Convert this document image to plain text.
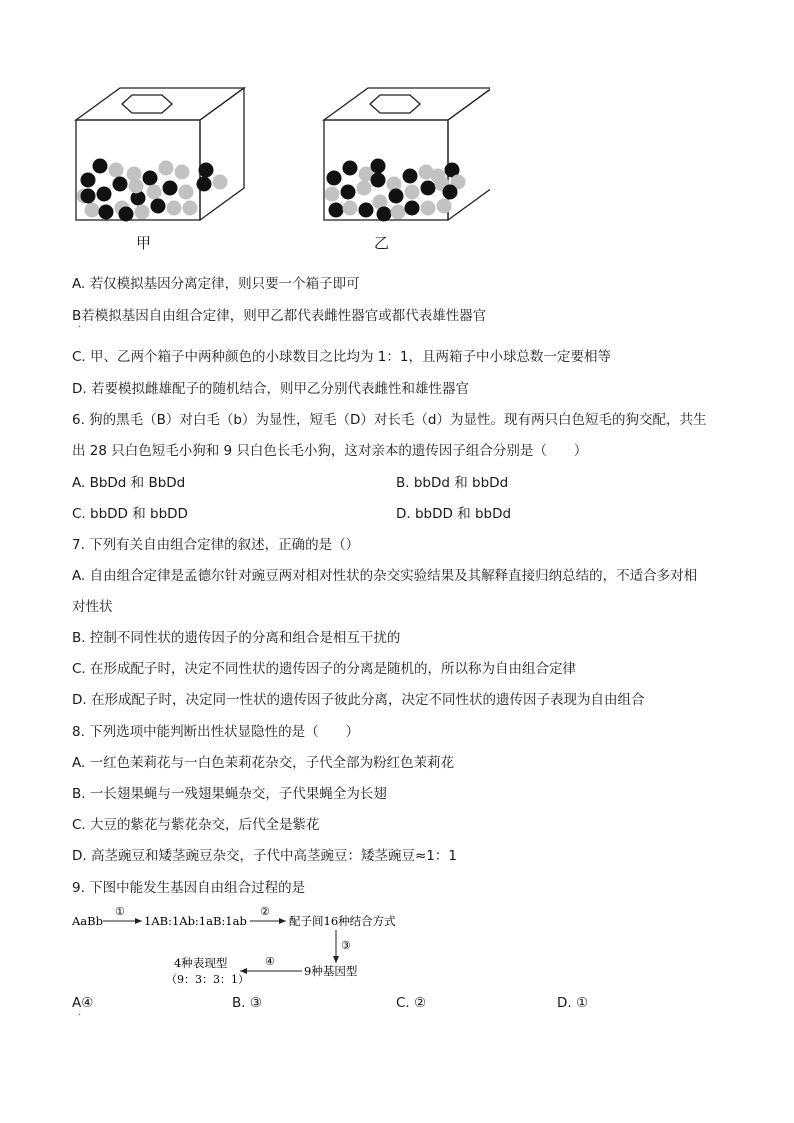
甲	乙
A. 若仅模拟基因分离定律，则只要一个箱子即可
B若模拟基因自由组合定律，则甲乙都代表雌性器官或都代表雄性器官
·
C. 甲、乙两个箱子中两种颜色的小球数目之比均为 1：1，且两箱子中小球总数一定要相等
D. 若要模拟雌雄配子的随机结合，则甲乙分别代表雌性和雄性器官
6. 狗的黑毛（B）对白毛（b）为显性，短毛（D）对长毛（d）为显性。现有两只白色短毛的狗交配，共生
出 28 只白色短毛小狗和 9 只白色长毛小狗，这对亲本的遗传因子组合分别是（　　）
A. BbDd 和 BbDd	B. bbDd 和 bbDd
C. bbDD 和 bbDD	D. bbDD 和 bbDd
7. 下列有关自由组合定律的叙述，正确的是（）
A. 自由组合定律是孟德尔针对豌豆两对相对性状的杂交实验结果及其解释直接归纳总结的，不适合多对相
对性状
B. 控制不同性状的遗传因子的分离和组合是相互干扰的
C. 在形成配子时，决定不同性状的遗传因子的分离是随机的，所以称为自由组合定律
D. 在形成配子时，决定同一性状的遗传因子彼此分离，决定不同性状的遗传因子表现为自由组合
8. 下列选项中能判断出性状显隐性的是（　　）
A. 一红色茉莉花与一白色茉莉花杂交，子代全部为粉红色茉莉花
B. 一长翅果蝇与一残翅果蝇杂交，子代果蝇全为长翅
C. 大豆的紫花与紫花杂交，后代全是紫花
D. 高茎豌豆和矮茎豌豆杂交，子代中高茎豌豆：矮茎豌豆≈1：1
9. 下图中能发生基因自由组合过程的是
AaBb
①
1AB:1Ab:1aB:1ab
②
配子间16种结合方式
③
9种基因型
④
4种表现型
（9：3：3：1）
A④	B. ③	C. ②	D. ①
·
